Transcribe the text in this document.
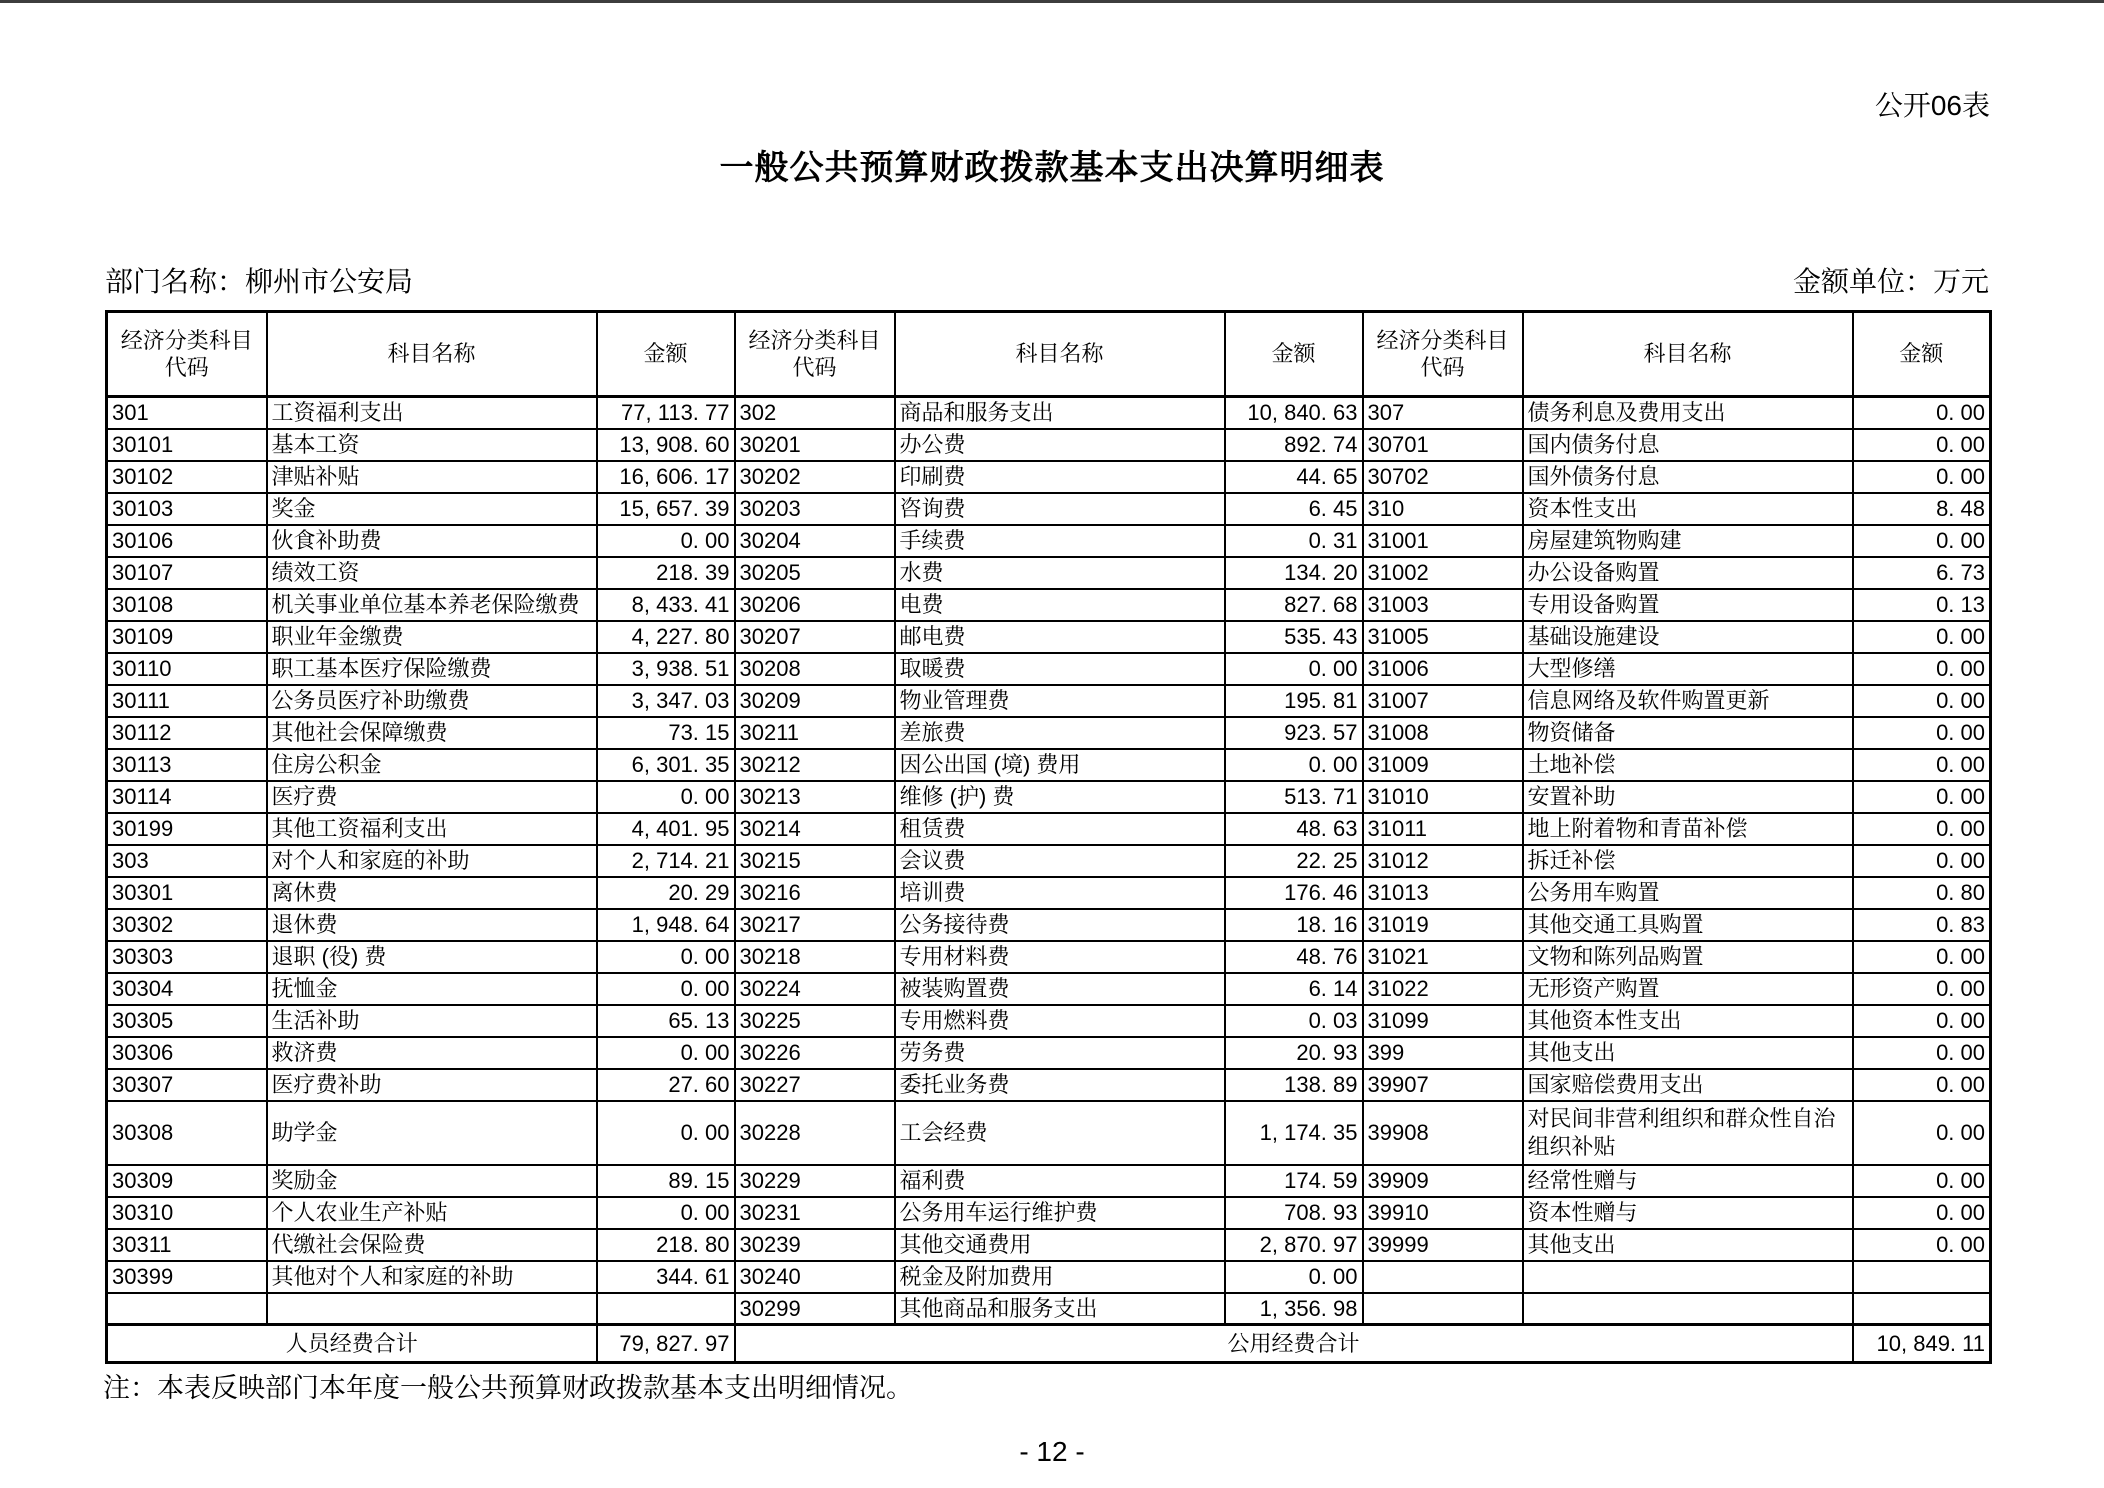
公开06表
一般公共预算财政拨款基本支出决算明细表
部门名称：柳州市公安局	金额单位：万元
经济分类科目代码	科目名称	金额	经济分类科目代码	科目名称	金额	经济分类科目代码	科目名称	金额
301	工资福利支出	77, 113. 77	302	商品和服务支出	10, 840. 63	307	债务利息及费用支出	0. 00
30101	基本工资	13, 908. 60	30201	办公费	892. 74	30701	国内债务付息	0. 00
30102	津贴补贴	16, 606. 17	30202	印刷费	44. 65	30702	国外债务付息	0. 00
30103	奖金	15, 657. 39	30203	咨询费	6. 45	310	资本性支出	8. 48
30106	伙食补助费	0. 00	30204	手续费	0. 31	31001	房屋建筑物购建	0. 00
30107	绩效工资	218. 39	30205	水费	134. 20	31002	办公设备购置	6. 73
30108	机关事业单位基本养老保险缴费	8, 433. 41	30206	电费	827. 68	31003	专用设备购置	0. 13
30109	职业年金缴费	4, 227. 80	30207	邮电费	535. 43	31005	基础设施建设	0. 00
30110	职工基本医疗保险缴费	3, 938. 51	30208	取暖费	0. 00	31006	大型修缮	0. 00
30111	公务员医疗补助缴费	3, 347. 03	30209	物业管理费	195. 81	31007	信息网络及软件购置更新	0. 00
30112	其他社会保障缴费	73. 15	30211	差旅费	923. 57	31008	物资储备	0. 00
30113	住房公积金	6, 301. 35	30212	因公出国 (境) 费用	0. 00	31009	土地补偿	0. 00
30114	医疗费	0. 00	30213	维修 (护) 费	513. 71	31010	安置补助	0. 00
30199	其他工资福利支出	4, 401. 95	30214	租赁费	48. 63	31011	地上附着物和青苗补偿	0. 00
303	对个人和家庭的补助	2, 714. 21	30215	会议费	22. 25	31012	拆迁补偿	0. 00
30301	离休费	20. 29	30216	培训费	176. 46	31013	公务用车购置	0. 80
30302	退休费	1, 948. 64	30217	公务接待费	18. 16	31019	其他交通工具购置	0. 83
30303	退职 (役) 费	0. 00	30218	专用材料费	48. 76	31021	文物和陈列品购置	0. 00
30304	抚恤金	0. 00	30224	被装购置费	6. 14	31022	无形资产购置	0. 00
30305	生活补助	65. 13	30225	专用燃料费	0. 03	31099	其他资本性支出	0. 00
30306	救济费	0. 00	30226	劳务费	20. 93	399	其他支出	0. 00
30307	医疗费补助	27. 60	30227	委托业务费	138. 89	39907	国家赔偿费用支出	0. 00
30308	助学金	0. 00	30228	工会经费	1, 174. 35	39908	对民间非营利组织和群众性自治组织补贴	0. 00
30309	奖励金	89. 15	30229	福利费	174. 59	39909	经常性赠与	0. 00
30310	个人农业生产补贴	0. 00	30231	公务用车运行维护费	708. 93	39910	资本性赠与	0. 00
30311	代缴社会保险费	218. 80	30239	其他交通费用	2, 870. 97	39999	其他支出	0. 00
30399	其他对个人和家庭的补助	344. 61	30240	税金及附加费用	0. 00			
			30299	其他商品和服务支出	1, 356. 98			
人员经费合计		79, 827. 97	公用经费合计					10, 849. 11
注：本表反映部门本年度一般公共预算财政拨款基本支出明细情况。
- 12 -
